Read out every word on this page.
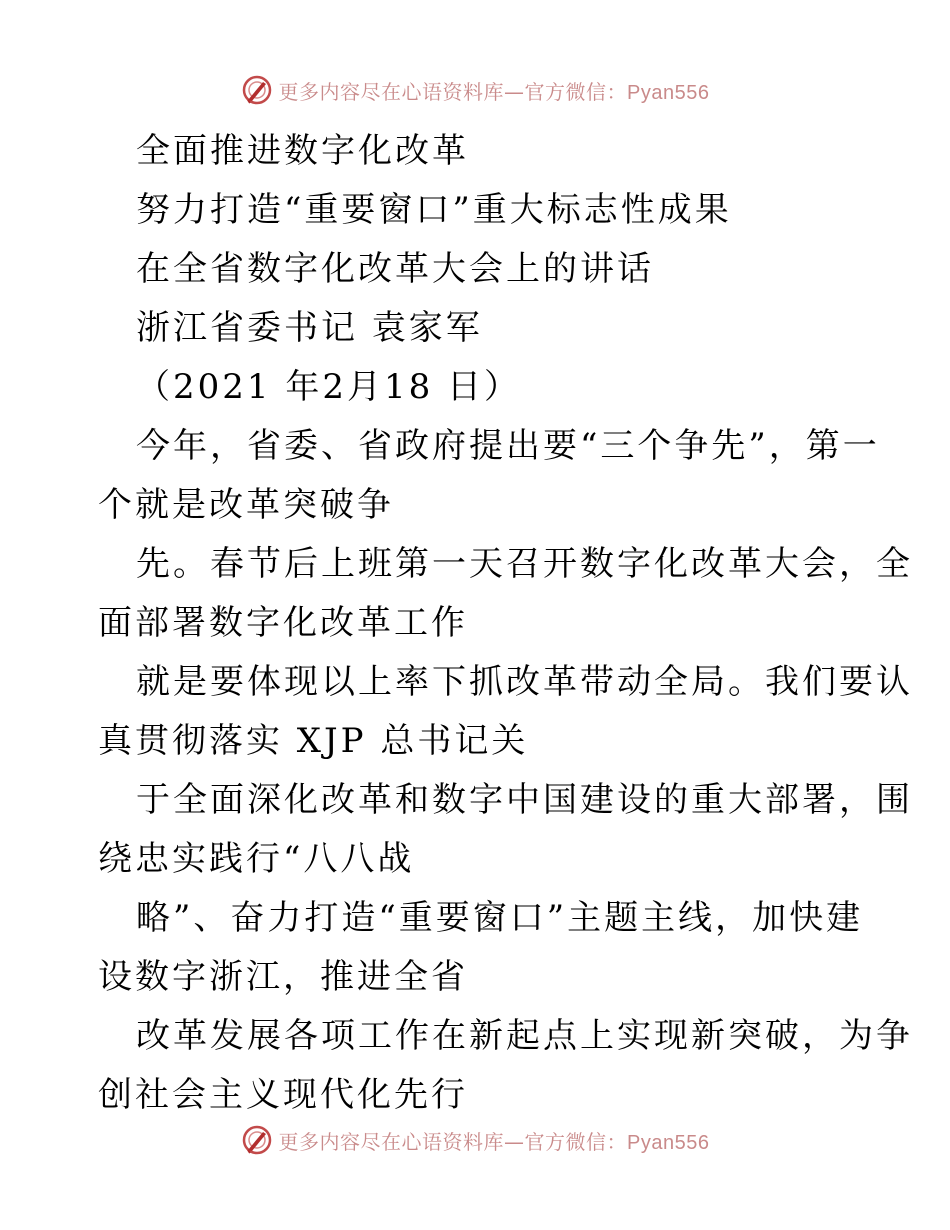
更多内容尽在心语资料库—官方微信：Pyan556
全面推进数字化改革
努力打造“重要窗口”重大标志性成果
在全省数字化改革大会上的讲话
浙江省委书记 袁家军
（2021 年2月18 日）
今年，省委、省政府提出要“三个争先”，第一
个就是改革突破争
先。春节后上班第一天召开数字化改革大会，全
面部署数字化改革工作
就是要体现以上率下抓改革带动全局。我们要认
真贯彻落实 XJP 总书记关
于全面深化改革和数字中国建设的重大部署，围
绕忠实践行“八八战
略”、奋力打造“重要窗口”主题主线，加快建
设数字浙江，推进全省
改革发展各项工作在新起点上实现新突破，为争
创社会主义现代化先行
更多内容尽在心语资料库—官方微信：Pyan556
